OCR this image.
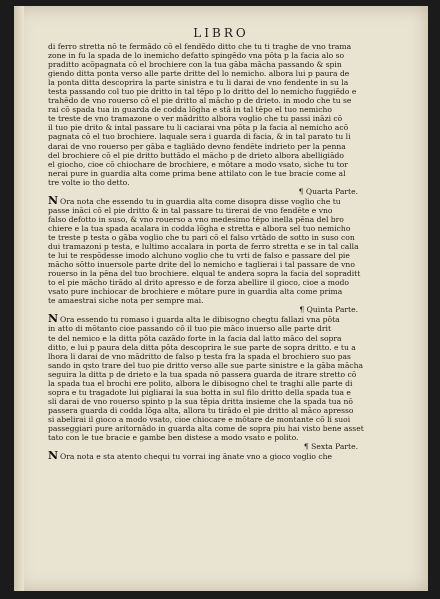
LIBRO
di ferro stretta nō te fermādo cō el fendēdo ditto che tu ti traghe de vno trama
zone in fu la spada de lo inemicho defatto spingēdo vna pōta p la facia alo so
praditto acōpagnata cō el brochiere con la tua gāba mācha passando & spin
giendo ditta ponta verso alle parte dritte del lo nemicho. albora lui p paura de
la ponta ditta descoprira la parte sinistra e tu li darai de vno fendente in su la
testa passando col tuo pie dritto in tal tēpo p lo dritto del lo nemicho fuggiēdo e
trahēdo de vno rouerso cō el pie dritto al mācho p de drieto. in modo che tu se
rai cō spada tua in guarda de codda lōgha e stā in tal tēpo el tuo nemicho
te treste de vno tramazone o ver mādritto albora voglio che tu passi ināzi cō
il tuo pie drito & intal passare tu li caciarai vna pōta p la facia al nemicho acō
pagnata cō el tuo brochiere. laquale sera i guarda di facia, & in tal parato tu li
darai de vno rouerso per gāba e tagliādo devno fendēte indrieto per la penna
del brochiere cō el pie dritto buttādo el mācho p de drieto albora abelligiādo
el giocho, cioe cō chiochare de brochiere, e mōtare a modo vsato, siche tu tor
nerai pure in guardia alta come prima bene attilato con le tue bracie come al
tre volte io tho detto.
¶ Quarta Parte.
N Ora nota che essendo tu in guardia alta come disopra disse voglio che tu
passe ināci cō el pie dritto & in tal passare tu tirerai de vno fendēte e vno
falso defotto in suso, & vno rouerso a vno medesimo tēpo inella pēna del bro
chiere e la tua spada acalara in codda lōgha e stretta e albora sel tuo nemicho
te treste p testa o gāba voglio che tu pari cō el falso vrtādo de sotto in suso con
dui tramazoni p testa, e lultimo accalara in porta de ferro stretta e se in tal calla
te lui te respōdesse imodo alchuno voglio che tu vrti de falso e passare del pie
mācho sōtto inuersole parte drite del lo nemicho e taglierai i tal passare de vno
rouerso in la pēna del tuo brochiere. elqual te andera sopra la facia del sopraditt
to el pie mācho tirādo al drito apresso e de forza abellire il gioco, cioe a modo
vsato pure inchiocar de brochiere e mōtare pure in guardia alta come prima
te amaestrai siche nota per sempre mai.
¶ Quinta Parte.
N Ora essendo tu romaso i guarda alta le dibisogno chegtu fallazi vna pōta
in atto di mōtanto cioe passando cō il tuo pie māco inuerso alle parte drit
te del nemico e la ditta pōta cazādo forte in la facia dal latto māco del sopra
ditto, e lui p paura dela ditta pōta descoprira le sue parte de sopra dritto. e tu a
lhora li darai de vno mādritto de falso p testa fra la spada el brochiero suo pas
sando in qsto trare del tuo pie dritto verso alle sue parte sinistre e la gāba mācha
seguira la ditta p de drieto e la tua spada nō passera guarda de itrare stretto cō
la spada tua el brochi ere polito, albora le dibisogno chel te traghi alle parte di
sopra e tu tragadote lui pigliarai la sua botta in sul filo dritto della spada tua e
sli darai de vno rouerso spinto p la sua tēpia dritta insieme che la spada tua nō
passera guarda di codda lōga alta, allora tu tirādo el pie dritto al māco apresso
si abelirai il gioco a modo vsato, cioe chiocare e mōtare de montante cō li suoi
passeggiari pure aritornādo in guarda alta come de sopra piu hai visto bene asset
tato con le tue bracie e gambe ben distese a modo vsato e polito.
¶ Sexta Parte.
N Ora nota e sta atento chequi tu vorrai ing ānate vno a gioco voglio che
